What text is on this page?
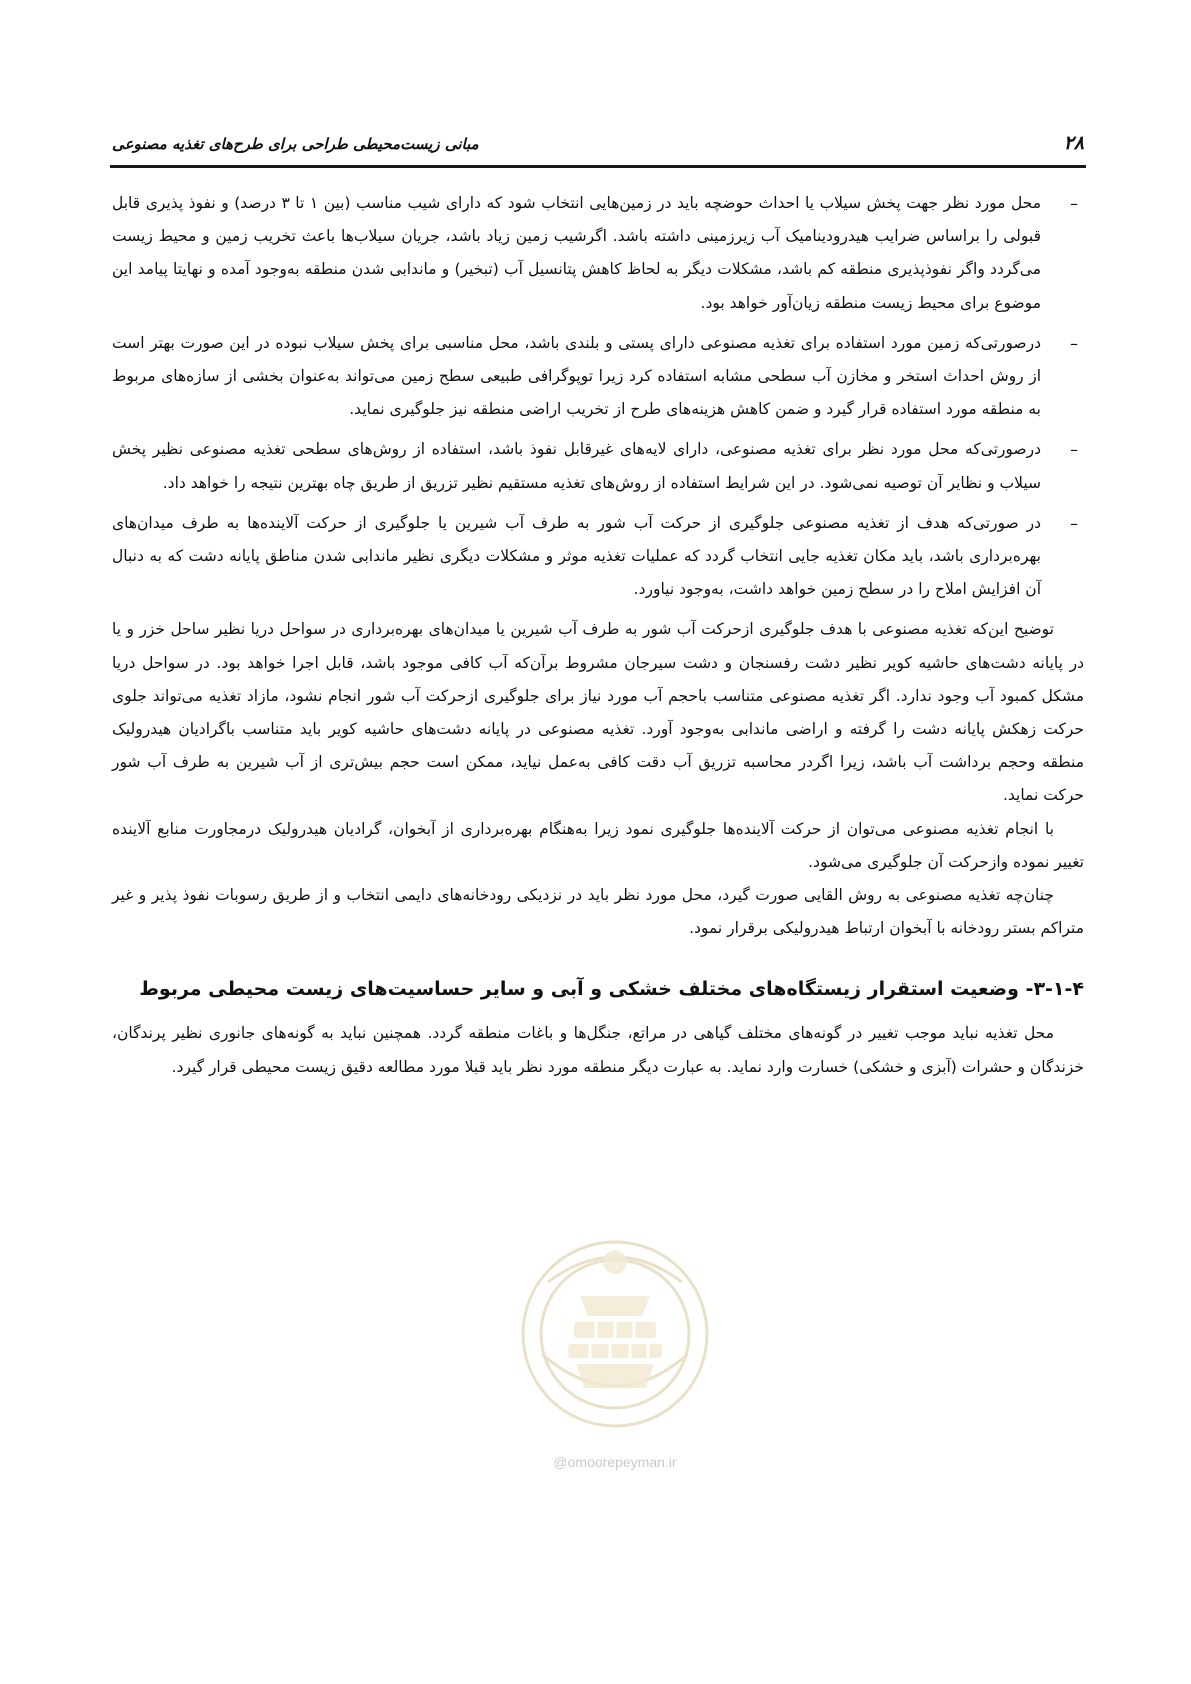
۲۸
مبانی زیست‌محیطی طراحی برای طرح‌های تغذیه مصنوعی
–
محل مورد نظر جهت پخش سیلاب یا احداث حوضچه باید در زمین‌هایی انتخاب شود که دارای شیب مناسب (بین ۱ تا ۳ درصد) و نفوذ پذیری قابل قبولی را براساس ضرایب هیدرودینامیک آب زیرزمینی داشته باشد. اگرشیب زمین زیاد باشد، جریان سیلاب‌ها باعث تخریب زمین و محیط زیست می‌گردد واگر نفوذپذیری منطقه کم باشد، مشکلات دیگر به لحاظ کاهش پتانسیل آب (تبخیر) و ماندابی شدن منطقه به‌وجود آمده و نهایتا پیامد این موضوع برای محیط زیست منطقه زیان‌آور خواهد بود.
–
درصورتی‌که زمین مورد استفاده برای تغذیه مصنوعی دارای پستی و بلندی باشد، محل مناسبی برای پخش سیلاب نبوده در این صورت بهتر است از روش احداث استخر و مخازن آب سطحی مشابه استفاده کرد زیرا توپوگرافی طبیعی سطح زمین می‌تواند به‌عنوان بخشی از سازه‌های مربوط به منطقه مورد استفاده قرار گیرد و ضمن کاهش هزینه‌های طرح از تخریب اراضی منطقه نیز جلوگیری نماید.
–
درصورتی‌که محل مورد نظر برای تغذیه مصنوعی، دارای لایه‌های غیرقابل نفوذ باشد، استفاده از روش‌های سطحی تغذیه مصنوعی نظیر پخش سیلاب و نظایر آن توصیه نمی‌شود. در این شرایط استفاده از روش‌های تغذیه مستقیم نظیر تزریق از طریق چاه بهترین نتیجه را خواهد داد.
–
در صورتی‌که هدف از تغذیه مصنوعی جلوگیری از حرکت آب شور به طرف آب شیرین یا جلوگیری از حرکت آلاینده‌ها به طرف میدان‌های بهره‌برداری باشد، باید مکان تغذیه جایی انتخاب گردد که عملیات تغذیه موثر و مشکلات دیگری نظیر ماندابی شدن مناطق پایانه دشت که به دنبال آن افزایش املاح را در سطح زمین خواهد داشت، به‌وجود نیاورد.

توضیح این‌که تغذیه مصنوعی با هدف جلوگیری ازحرکت آب شور به طرف آب شیرین یا میدان‌های بهره‌برداری در سواحل دریا نظیر ساحل خزر و یا در پایانه دشت‌های حاشیه کویر نظیر دشت رفسنجان و دشت سیرجان مشروط برآن‌که آب کافی موجود باشد، قابل اجرا خواهد بود. در سواحل دریا مشکل کمبود آب وجود ندارد. اگر تغذیه مصنوعی متناسب باحجم آب مورد نیاز برای جلوگیری ازحرکت آب شور انجام نشود، مازاد تغذیه می‌تواند جلوی حرکت زهکش پایانه دشت را گرفته و اراضی ماندابی به‌وجود آورد. تغذیه مصنوعی در پایانه دشت‌های حاشیه کویر باید متناسب باگرادیان هیدرولیک منطقه وحجم برداشت آب باشد، زیرا اگردر محاسبه تزریق آب دقت کافی به‌عمل نیاید، ممکن است حجم بیش‌تری از آب شیرین به طرف آب شور حرکت نماید.

با انجام تغذیه مصنوعی می‌توان از حرکت آلاینده‌ها جلوگیری نمود زیرا به‌هنگام بهره‌برداری از آبخوان، گرادیان هیدرولیک درمجاورت منابع آلاینده تغییر نموده وازحرکت آن جلوگیری می‌شود.

چنان‌چه تغذیه مصنوعی به روش القایی صورت گیرد، محل مورد نظر باید در نزدیکی رودخانه‌های دایمی انتخاب و از طریق رسوبات نفوذ پذیر و غیر متراکم بستر رودخانه با آبخوان ارتباط هیدرولیکی برقرار نمود.

۳-۱-۴- وضعیت استقرار زیستگاه‌های مختلف خشکی و آبی و سایر حساسیت‌های زیست محیطی مربوط

محل تغذیه نباید موجب تغییر در گونه‌های مختلف گیاهی در مراتع، جنگل‌ها و باغات منطقه گردد. همچنین نباید به گونه‌های جانوری نظیر پرندگان، خزندگان و حشرات (آبزی و خشکی) خسارت وارد نماید. به عبارت دیگر منطقه مورد نظر باید قبلا مورد مطالعه دقیق زیست محیطی قرار گیرد.

@omoorepeyman.ir
